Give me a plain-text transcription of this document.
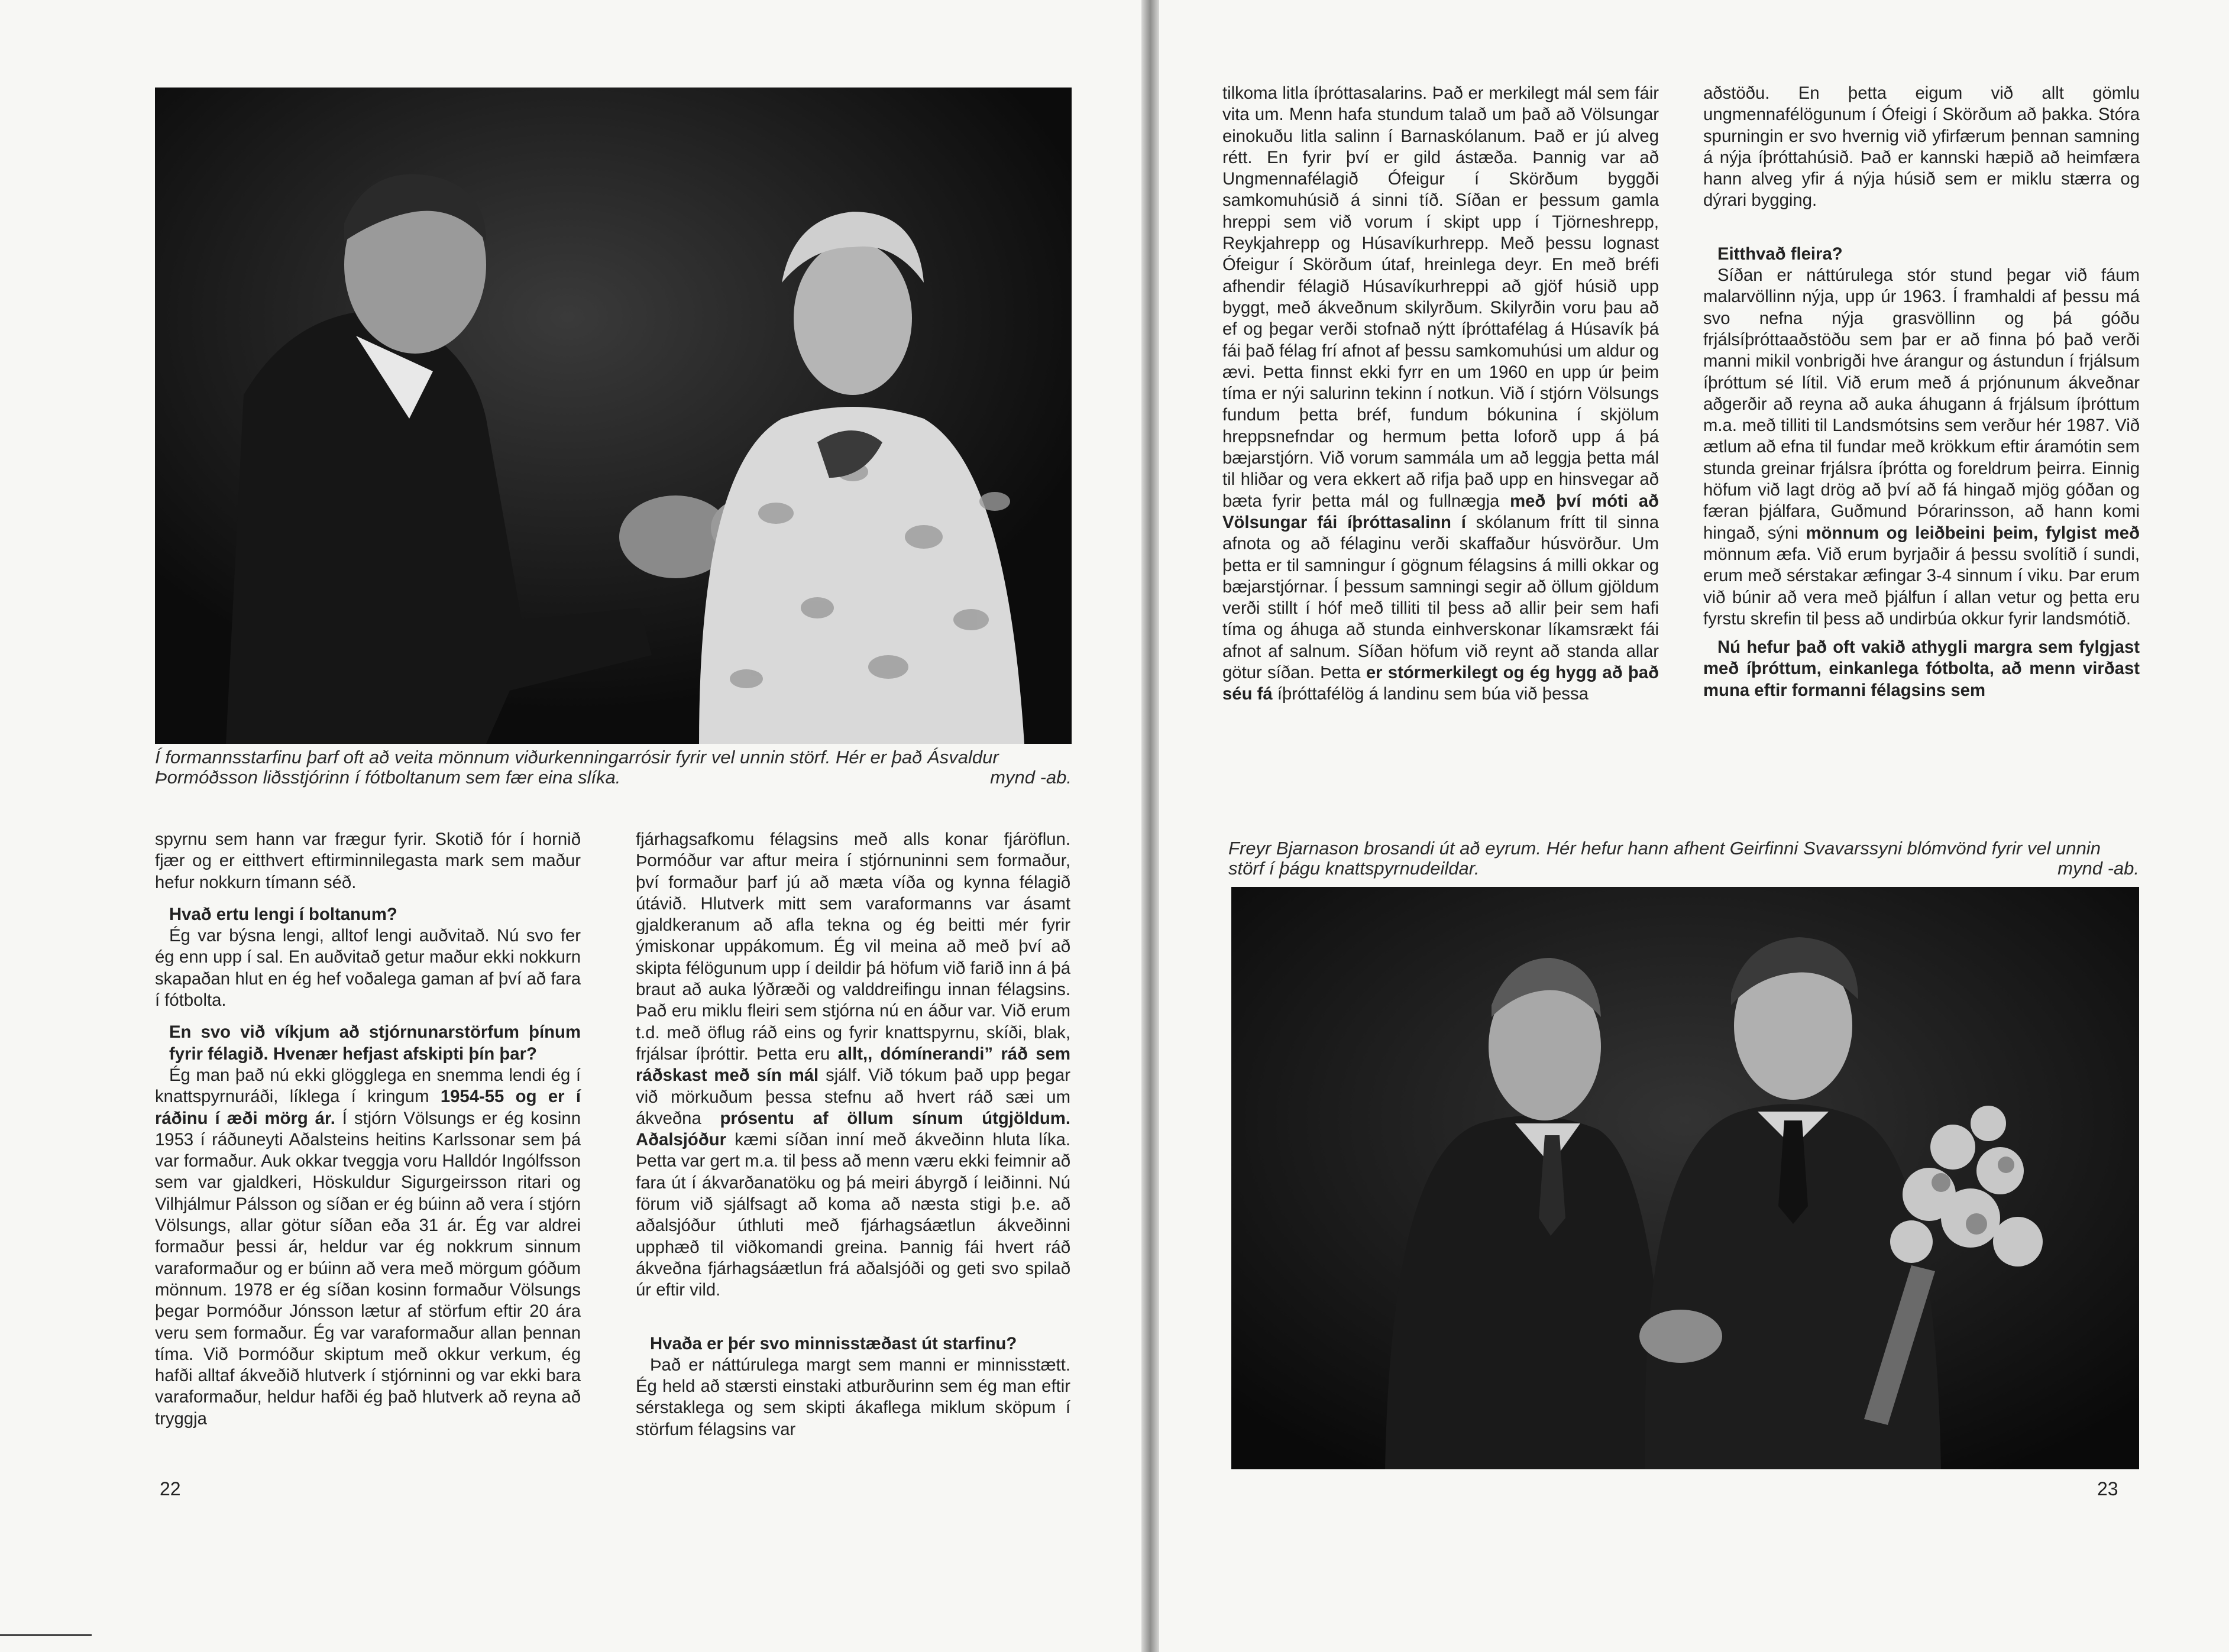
Í formannsstarfinu þarf oft að veita mönnum viðurkenningarrósir fyrir vel unnin störf. Hér er það Ásvaldur Þormóðsson liðsstjórinn í fótboltanum sem fær eina slíka.	mynd -ab.

spyrnu sem hann var frægur fyrir. Skotið fór í hornið fjær og er eitthvert eftirminnilegasta mark sem maður hefur nokkurn tímann séð.

Hvað ertu lengi í boltanum?

Ég var býsna lengi, alltof lengi auðvitað. Nú svo fer ég enn upp í sal. En auðvitað getur maður ekki nokkurn skapaðan hlut en ég hef voðalega gaman af því að fara í fótbolta.

En svo við víkjum að stjórnunarstörfum þínum fyrir félagið. Hvenær hefjast afskipti þín þar?

Ég man það nú ekki glögglega en snemma lendi ég í knattspyrnuráði, líklega í kringum 1954-55 og er í ráðinu í æði mörg ár. Í stjórn Völsungs er ég kosinn 1953 í ráðuneyti Aðalsteins heitins Karlssonar sem þá var formaður. Auk okkar tveggja voru Halldór Ingólfsson sem var gjaldkeri, Höskuldur Sigurgeirsson ritari og Vilhjálmur Pálsson og síðan er ég búinn að vera í stjórn Völsungs, allar götur síðan eða 31 ár. Ég var aldrei formaður þessi ár, heldur var ég nokkrum sinnum varaformaður og er búinn að vera með mörgum góðum mönnum. 1978 er ég síðan kosinn formaður Völsungs þegar Þormóður Jónsson lætur af störfum eftir 20 ára veru sem formaður. Ég var varaformaður allan þennan tíma. Við Þormóður skiptum með okkur verkum, ég hafði alltaf ákveðið hlutverk í stjórninni og var ekki bara varaformaður, heldur hafði ég það hlutverk að reyna að tryggja

fjárhagsafkomu félagsins með alls konar fjáröflun. Þormóður var aftur meira í stjórnuninni sem formaður, því formaður þarf jú að mæta víða og kynna félagið útávið. Hlutverk mitt sem varaformanns var ásamt gjaldkeranum að afla tekna og ég beitti mér fyrir ýmiskonar uppákomum. Ég vil meina að með því að skipta félögunum upp í deildir þá höfum við farið inn á þá braut að auka lýðræði og valddreifingu innan félagsins. Það eru miklu fleiri sem stjórna nú en áður var. Við erum t.d. með öflug ráð eins og fyrir knattspyrnu, skíði, blak, frjálsar íþróttir. Þetta eru allt,, dómínerandi” ráð sem ráðskast með sín mál sjálf. Við tókum það upp þegar við mörkuðum þessa stefnu að hvert ráð sæi um ákveðna prósentu af öllum sínum útgjöldum. Aðalsjóður kæmi síðan inní með ákveðinn hluta líka. Þetta var gert m.a. til þess að menn væru ekki feimnir að fara út í ákvarðanatöku og þá meiri ábyrgð í leiðinni. Nú förum við sjálfsagt að koma að næsta stigi þ.e. að aðalsjóður úthluti með fjárhagsáætlun ákveðinni upphæð til viðkomandi greina. Þannig fái hvert ráð ákveðna fjárhagsáætlun frá aðalsjóði og geti svo spilað úr eftir vild.

Hvaða er þér svo minnisstæðast út starfinu?

Það er náttúrulega margt sem manni er minnisstætt. Ég held að stærsti einstaki atburðurinn sem ég man eftir sérstaklega og sem skipti ákaflega miklum sköpum í störfum félagsins var

22

tilkoma litla íþróttasalarins. Það er merkilegt mál sem fáir vita um. Menn hafa stundum talað um það að Völsungar einokuðu litla salinn í Barnaskólanum. Það er jú alveg rétt. En fyrir því er gild ástæða. Þannig var að Ungmennafélagið Ófeigur í Skörðum byggði samkomuhúsið á sinni tíð. Síðan er þessum gamla hreppi sem við vorum í skipt upp í Tjörneshrepp, Reykjahrepp og Húsavíkurhrepp. Með þessu lognast Ófeigur í Skörðum útaf, hreinlega deyr. En með bréfi afhendir félagið Húsavíkurhreppi að gjöf húsið upp byggt, með ákveðnum skilyrðum. Skilyrðin voru þau að ef og þegar verði stofnað nýtt íþróttafélag á Húsavík þá fái það félag frí afnot af þessu samkomuhúsi um aldur og ævi. Þetta finnst ekki fyrr en um 1960 en upp úr þeim tíma er nýi salurinn tekinn í notkun. Við í stjórn Völsungs fundum þetta bréf, fundum bókunina í skjölum hreppsnefndar og hermum þetta loforð upp á þá bæjarstjórn. Við vorum sammála um að leggja þetta mál til hliðar og vera ekkert að rifja það upp en hinsvegar að bæta fyrir þetta mál og fullnægja með því móti að Völsungar fái íþróttasalinn í skólanum frítt til sinna afnota og að félaginu verði skaffaður húsvörður. Um þetta er til samningur í gögnum félagsins á milli okkar og bæjarstjórnar. Í þessum samningi segir að öllum gjöldum verði stillt í hóf með tilliti til þess að allir þeir sem hafi tíma og áhuga að stunda einhverskonar líkamsrækt fái afnot af salnum. Síðan höfum við reynt að standa allar götur síðan. Þetta er stórmerkilegt og ég hygg að það séu fá íþróttafélög á landinu sem búa við þessa

aðstöðu. En þetta eigum við allt gömlu ungmennafélögunum í Ófeigi í Skörðum að þakka. Stóra spurningin er svo hvernig við yfirfærum þennan samning á nýja íþróttahúsið. Það er kannski hæpið að heimfæra hann alveg yfir á nýja húsið sem er miklu stærra og dýrari bygging.

Eitthvað fleira?

Síðan er náttúrulega stór stund þegar við fáum malarvöllinn nýja, upp úr 1963. Í framhaldi af þessu má svo nefna nýja grasvöllinn og þá góðu frjálsíþróttaaðstöðu sem þar er að finna þó það verði manni mikil vonbrigði hve árangur og ástundun í frjálsum íþróttum sé lítil. Við erum með á prjónunum ákveðnar aðgerðir að reyna að auka áhugann á frjálsum íþróttum m.a. með tilliti til Landsmótsins sem verður hér 1987. Við ætlum að efna til fundar með krökkum eftir áramótin sem stunda greinar frjálsra íþrótta og foreldrum þeirra. Einnig höfum við lagt drög að því að fá hingað mjög góðan og færan þjálfara, Guðmund Þórarinsson, að hann komi hingað, sýni mönnum og leiðbeini þeim, fylgist með mönnum æfa. Við erum byrjaðir á þessu svolítið í sundi, erum með sérstakar æfingar 3-4 sinnum í viku. Þar erum við búnir að vera með þjálfun í allan vetur og þetta eru fyrstu skrefin til þess að undirbúa okkur fyrir landsmótið.

Nú hefur það oft vakið athygli margra sem fylgjast með íþróttum, einkanlega fótbolta, að menn virðast muna eftir formanni félagsins sem

Freyr Bjarnason brosandi út að eyrum. Hér hefur hann afhent Geirfinni Svavarssyni blómvönd fyrir vel unnin störf í þágu knattspyrnudeildar.	mynd -ab.
23
